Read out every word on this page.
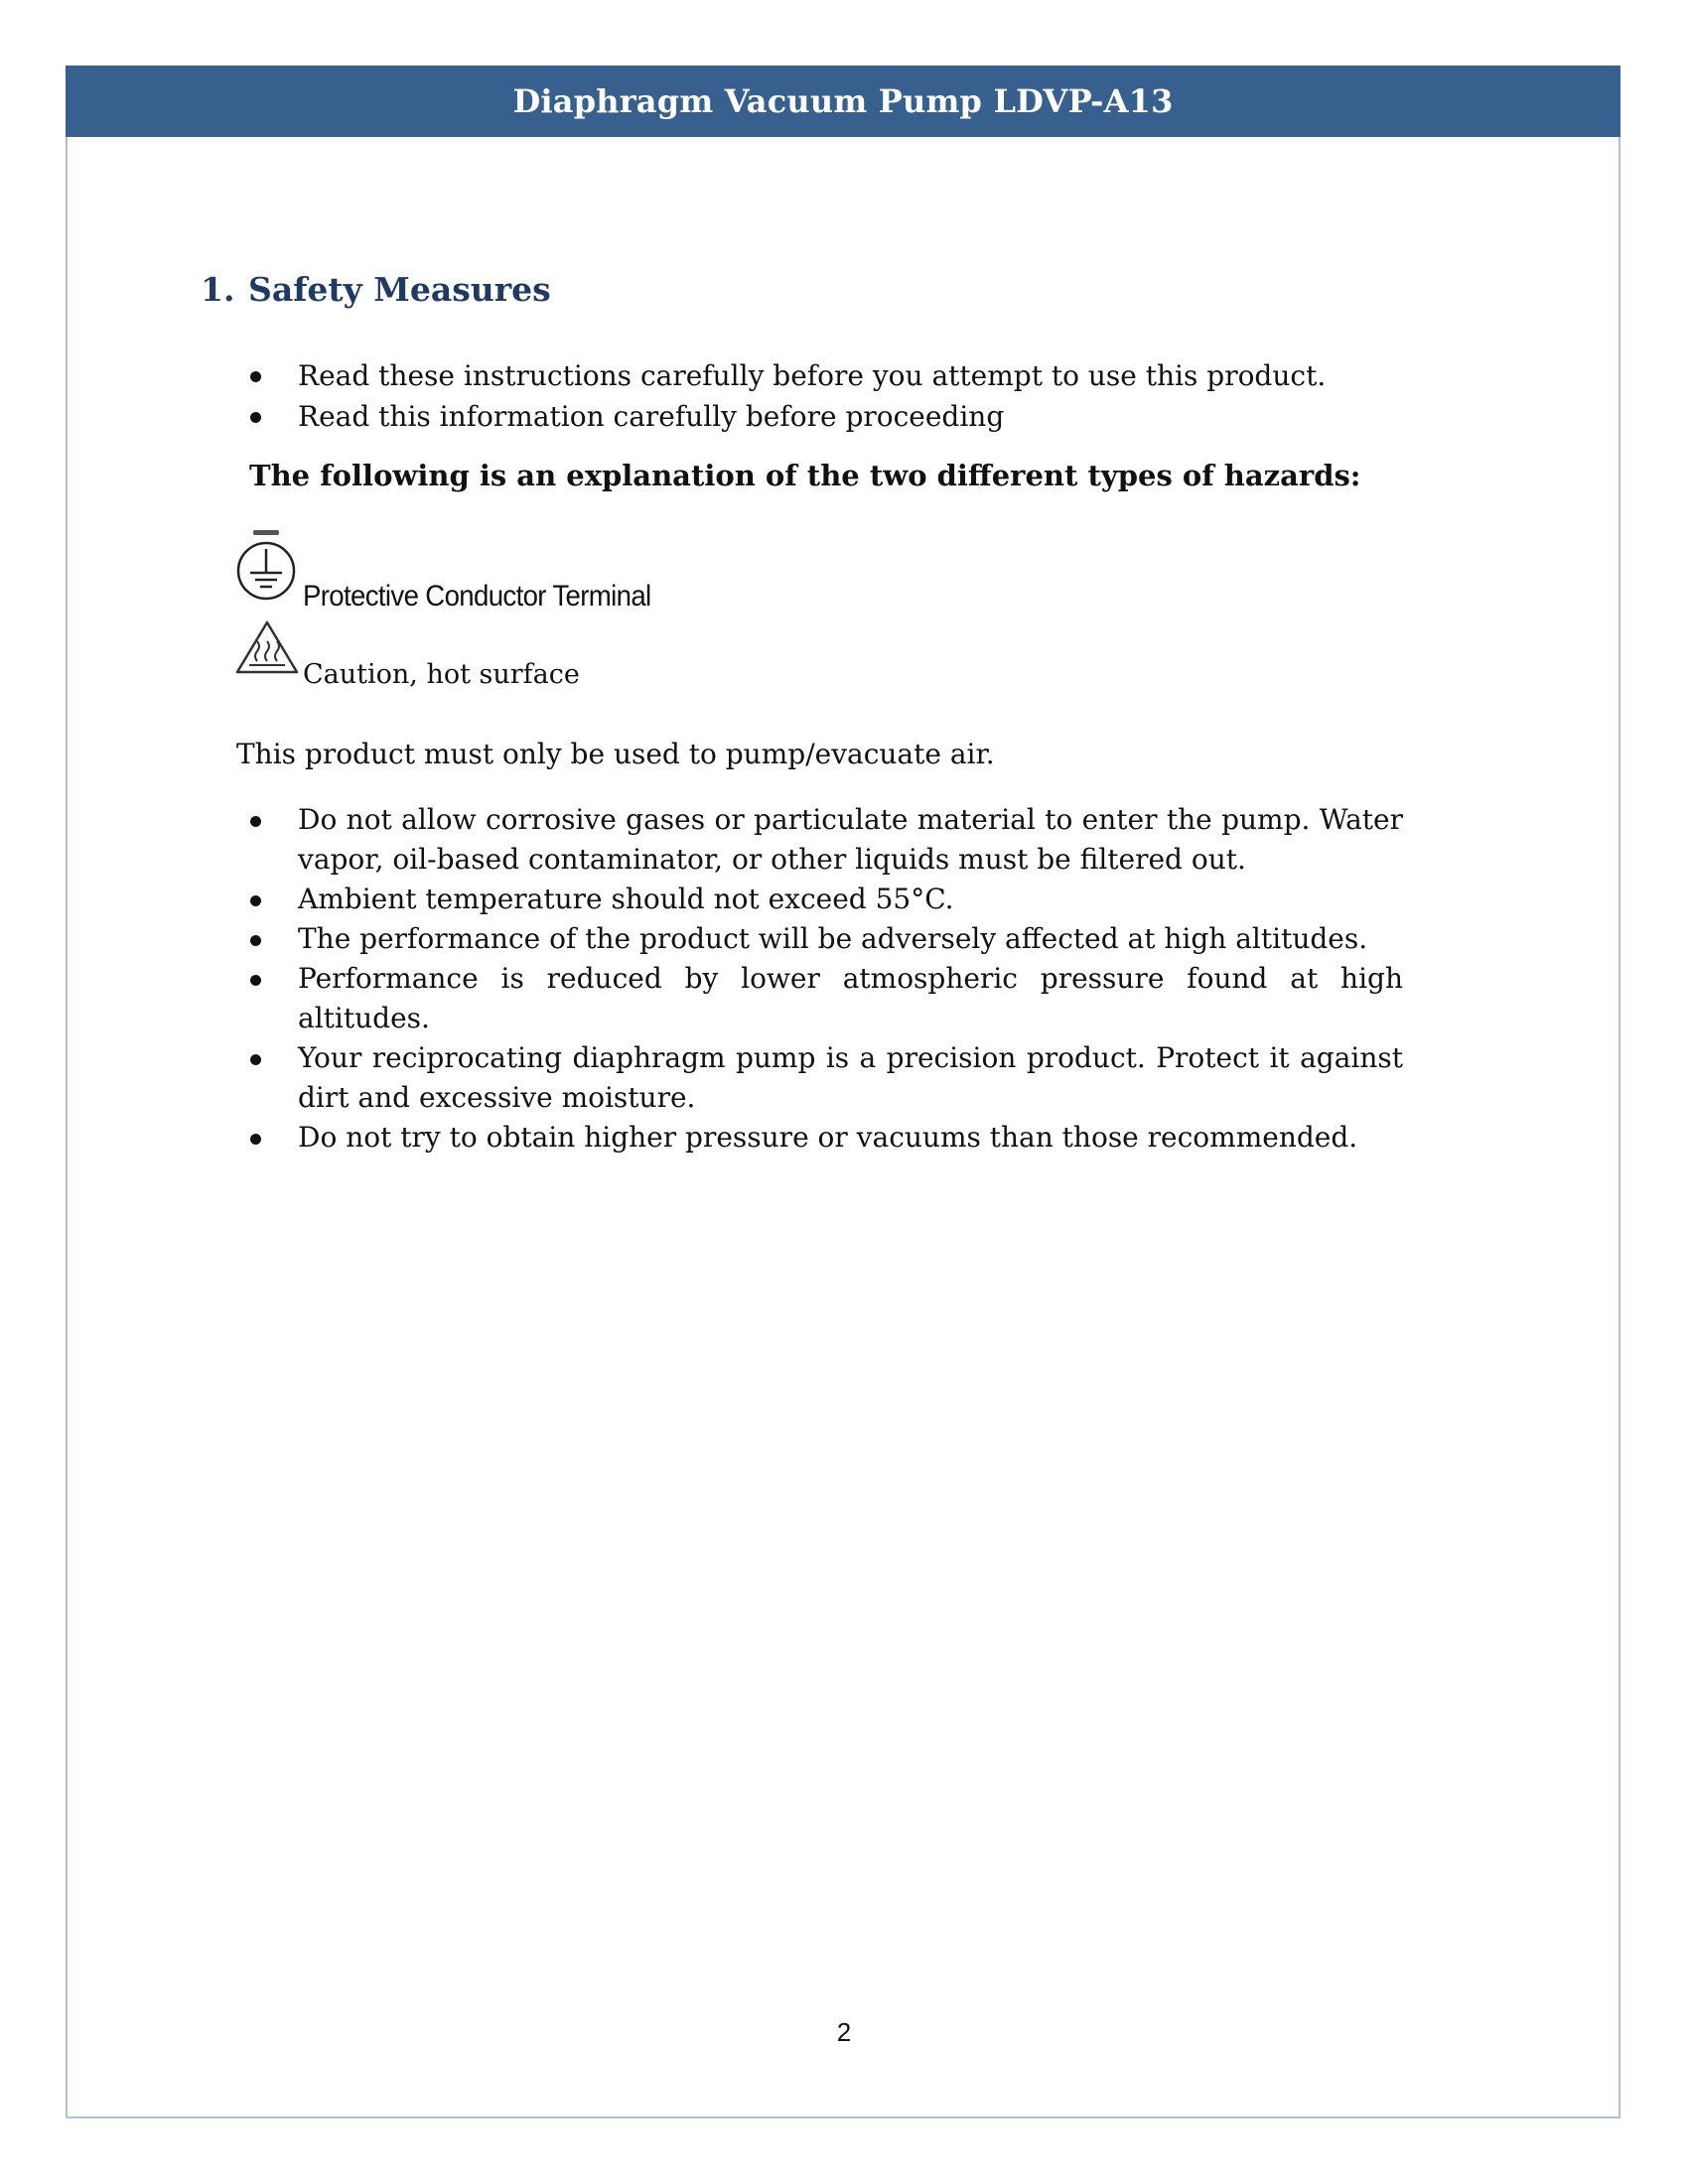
Diaphragm Vacuum Pump LDVP-A13
1. Safety Measures
Read these instructions carefully before you attempt to use this product.
Read this information carefully before proceeding
The following is an explanation of the two different types of hazards:
Protective Conductor Terminal
Caution, hot surface
This product must only be used to pump/evacuate air.
Do not allow corrosive gases or particulate material to enter the pump. Water vapor, oil-based contaminator, or other liquids must be filtered out.
Ambient temperature should not exceed 55°C.
The performance of the product will be adversely affected at high altitudes.
Performance is reduced by lower atmospheric pressure found at high altitudes.
Your reciprocating diaphragm pump is a precision product. Protect it against dirt and excessive moisture.
Do not try to obtain higher pressure or vacuums than those recommended.
2
